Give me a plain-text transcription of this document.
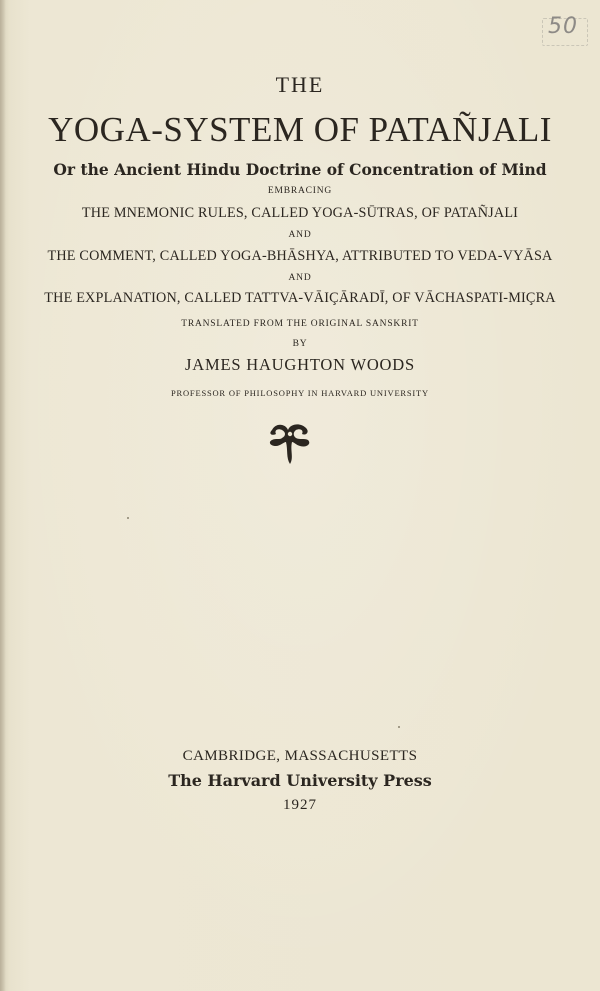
50
THE
YOGA-SYSTEM OF PATAÑJALI
Or the Ancient Hindu Doctrine of Concentration of Mind
EMBRACING
THE MNEMONIC RULES, CALLED YOGA-SŪTRAS, OF PATAÑJALI
AND
THE COMMENT, CALLED YOGA-BHĀSHYA, ATTRIBUTED TO VEDA-VYĀSA
AND
THE EXPLANATION, CALLED TATTVA-VĀIÇĀRADĪ, OF VĀCHASPATI-MIÇRA
TRANSLATED FROM THE ORIGINAL SANSKRIT
BY
JAMES HAUGHTON WOODS
PROFESSOR OF PHILOSOPHY IN HARVARD UNIVERSITY
CAMBRIDGE, MASSACHUSETTS
The Harvard University Press
1927
